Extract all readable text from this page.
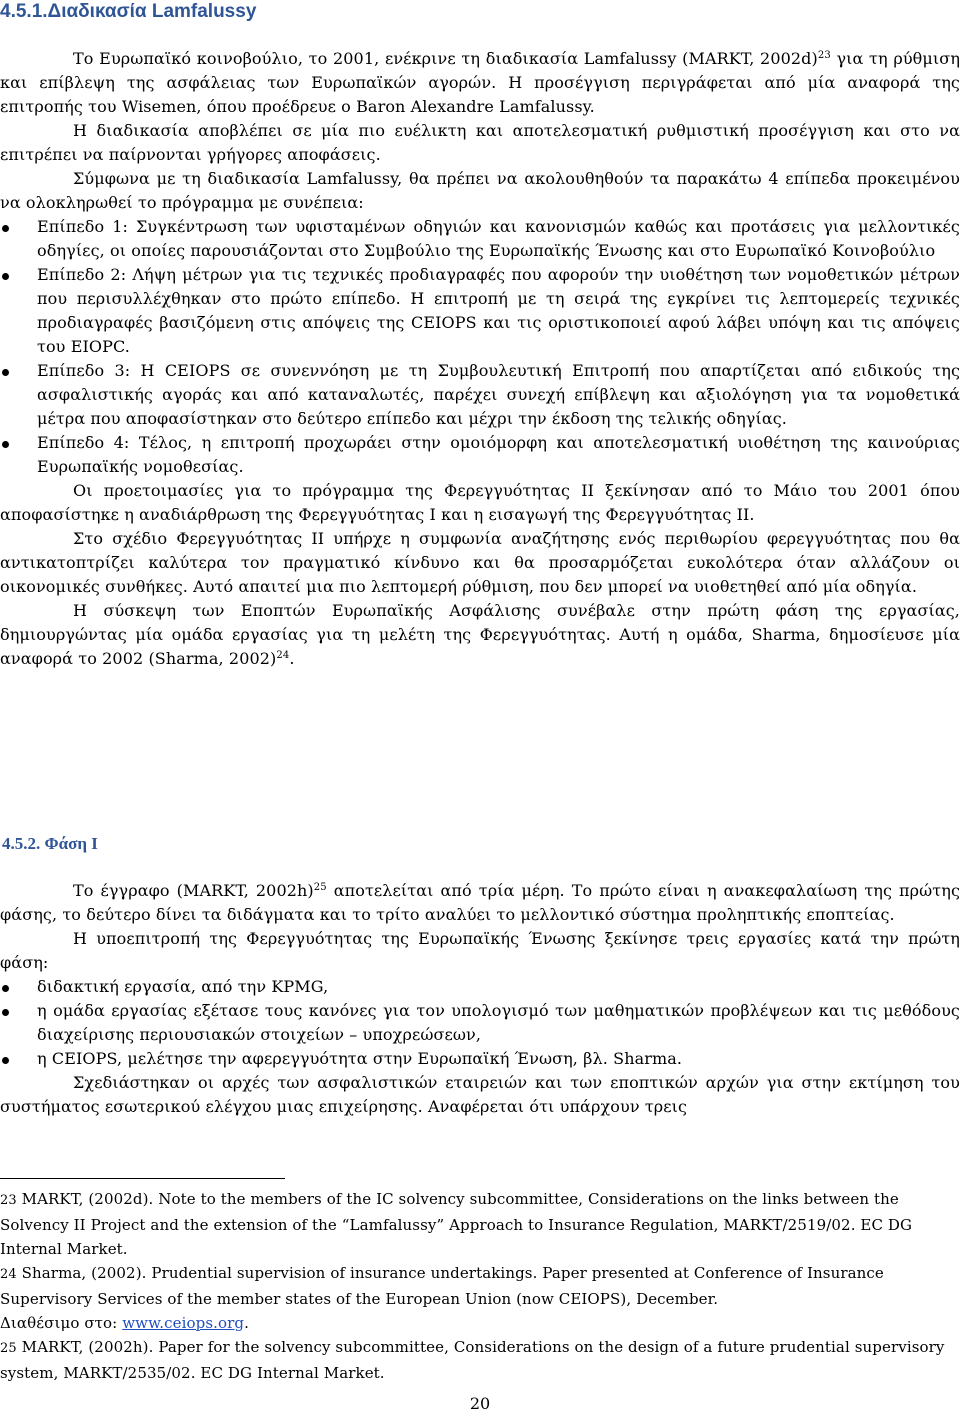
4.5.1.Διαδικασία Lamfalussy

Το Ευρωπαϊκό κοινοβούλιο, το 2001, ενέκρινε τη διαδικασία Lamfalussy (MARKT, 2002d)$^{23}$ για τη ρύθμιση και επίβλεψη της ασφάλειας των Ευρωπαϊκών αγορών. Η προσέγγιση περιγράφεται από μία αναφορά της επιτροπής του Wisemen, όπου προέδρευε ο Baron Alexandre Lamfalussy.

Η διαδικασία αποβλέπει σε μία πιο ευέλικτη και αποτελεσματική ρυθμιστική προσέγγιση και στο να επιτρέπει να παίρνονται γρήγορες αποφάσεις.

Σύμφωνα με τη διαδικασία Lamfalussy, θα πρέπει να ακολουθηθούν τα παρακάτω 4 επίπεδα προκειμένου να ολοκληρωθεί το πρόγραμμα με συνέπεια:

Επίπεδο 1: Συγκέντρωση των υφισταμένων οδηγιών και κανονισμών καθώς και προτάσεις για μελλοντικές οδηγίες, οι οποίες παρουσιάζονται στο Συμβούλιο της Ευρωπαϊκής Ένωσης και στο Ευρωπαϊκό Κοινοβούλιο
Επίπεδο 2: Λήψη μέτρων για τις τεχνικές προδιαγραφές που αφορούν την υιοθέτηση των νομοθετικών μέτρων που περισυλλέχθηκαν στο πρώτο επίπεδο. Η επιτροπή με τη σειρά της εγκρίνει τις λεπτομερείς τεχνικές προδιαγραφές βασιζόμενη στις απόψεις της CEIOPS και τις οριστικοποιεί αφού λάβει υπόψη και τις απόψεις του EIOPC.
Επίπεδο 3: Η CEIOPS σε συνεννόηση με τη Συμβουλευτική Επιτροπή που απαρτίζεται από ειδικούς της ασφαλιστικής αγοράς και από καταναλωτές, παρέχει συνεχή επίβλεψη και αξιολόγηση για τα νομοθετικά μέτρα που αποφασίστηκαν στο δεύτερο επίπεδο και μέχρι την έκδοση της τελικής οδηγίας.
Επίπεδο 4: Τέλος, η επιτροπή προχωράει στην ομοιόμορφη και αποτελεσματική υιοθέτηση της καινούριας Ευρωπαϊκής νομοθεσίας.

Οι προετοιμασίες για το πρόγραμμα της Φερεγγυότητας II ξεκίνησαν από το Μάιο του 2001 όπου αποφασίστηκε η αναδιάρθρωση της Φερεγγυότητας I και η εισαγωγή της Φερεγγυότητας II.

Στο σχέδιο Φερεγγυότητας II υπήρχε η συμφωνία αναζήτησης ενός περιθωρίου φερεγγυότητας που θα αντικατοπτρίζει καλύτερα τον πραγματικό κίνδυνο και θα προσαρμόζεται ευκολότερα όταν αλλάζουν οι οικονομικές συνθήκες. Αυτό απαιτεί μια πιο λεπτομερή ρύθμιση, που δεν μπορεί να υιοθετηθεί από μία οδηγία.

Η σύσκεψη των Εποπτών Ευρωπαϊκής Ασφάλισης συνέβαλε στην πρώτη φάση της εργασίας, δημιουργώντας μία ομάδα εργασίας για τη μελέτη της Φερεγγυότητας. Αυτή η ομάδα, Sharma, δημοσίευσε μία αναφορά το 2002 (Sharma, 2002)$^{24}$.

4.5.2. Φάση Ι

Το έγγραφο (MARKT, 2002h)$^{25}$ αποτελείται από τρία μέρη. Το πρώτο είναι η ανακεφαλαίωση της πρώτης φάσης, το δεύτερο δίνει τα διδάγματα και το τρίτο αναλύει το μελλοντικό σύστημα προληπτικής εποπτείας.

Η υποεπιτροπή της Φερεγγυότητας της Ευρωπαϊκής Ένωσης ξεκίνησε τρεις εργασίες κατά την πρώτη φάση:

διδακτική εργασία, από την KPMG,
η ομάδα εργασίας εξέτασε τους κανόνες για τον υπολογισμό των μαθηματικών προβλέψεων και τις μεθόδους διαχείρισης περιουσιακών στοιχείων – υποχρεώσεων,
η CEIOPS, μελέτησε την αφερεγγυότητα στην Ευρωπαϊκή Ένωση, βλ. Sharma.

Σχεδιάστηκαν οι αρχές των ασφαλιστικών εταιρειών και των εποπτικών αρχών για στην εκτίμηση του συστήματος εσωτερικού ελέγχου μιας επιχείρησης. Αναφέρεται ότι υπάρχουν τρεις

23 MARKT, (2002d). Note to the members of the IC solvency subcommittee, Considerations on the links between the Solvency II Project and the extension of the “Lamfalussy” Approach to Insurance Regulation, MARKT/2519/02. EC DG Internal Market.

24 Sharma, (2002). Prudential supervision of insurance undertakings. Paper presented at Conference of Insurance Supervisory Services of the member states of the European Union (now CEIOPS), December.
Διαθέσιμο στο: www.ceiops.org.

25 MARKT, (2002h). Paper for the solvency subcommittee, Considerations on the design of a future prudential supervisory system, MARKT/2535/02. EC DG Internal Market.

20
